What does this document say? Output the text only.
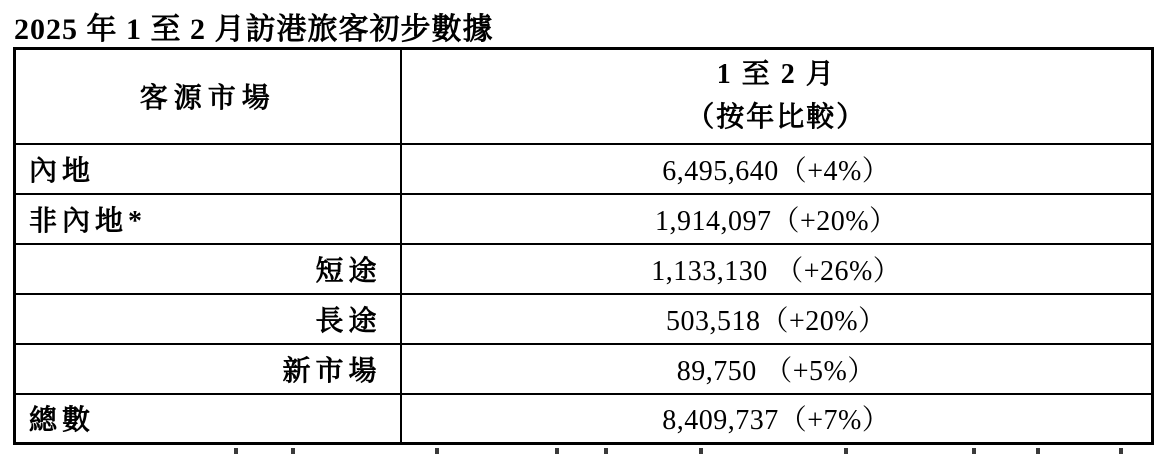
2025 年 1 至 2 月訪港旅客初步數據
客源市場	1 至 2 月
（按年比較）

內地	6,495,640（+4%）
非內地*	1,914,097（+20%）
短途	1,133,130 （+26%）
長途	503,518（+20%）
新市場	89,750 （+5%）
總數	8,409,737（+7%）
